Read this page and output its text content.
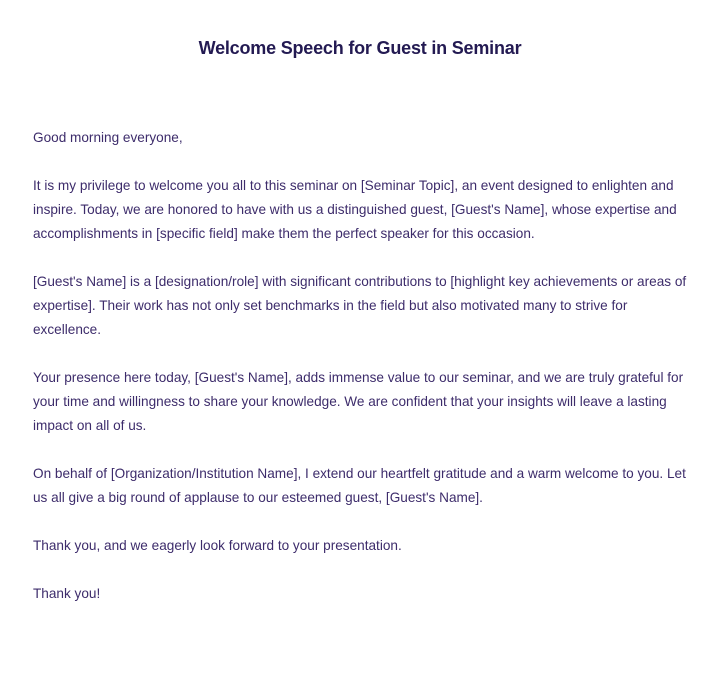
Welcome Speech for Guest in Seminar

Good morning everyone,

It is my privilege to welcome you all to this seminar on [Seminar Topic], an event designed to enlighten and inspire. Today, we are honored to have with us a distinguished guest, [Guest's Name], whose expertise and accomplishments in [specific field] make them the perfect speaker for this occasion.

[Guest's Name] is a [designation/role] with significant contributions to [highlight key achievements or areas of expertise]. Their work has not only set benchmarks in the field but also motivated many to strive for excellence.

Your presence here today, [Guest's Name], adds immense value to our seminar, and we are truly grateful for your time and willingness to share your knowledge. We are confident that your insights will leave a lasting impact on all of us.

On behalf of [Organization/Institution Name], I extend our heartfelt gratitude and a warm welcome to you. Let us all give a big round of applause to our esteemed guest, [Guest's Name].

Thank you, and we eagerly look forward to your presentation.

Thank you!
